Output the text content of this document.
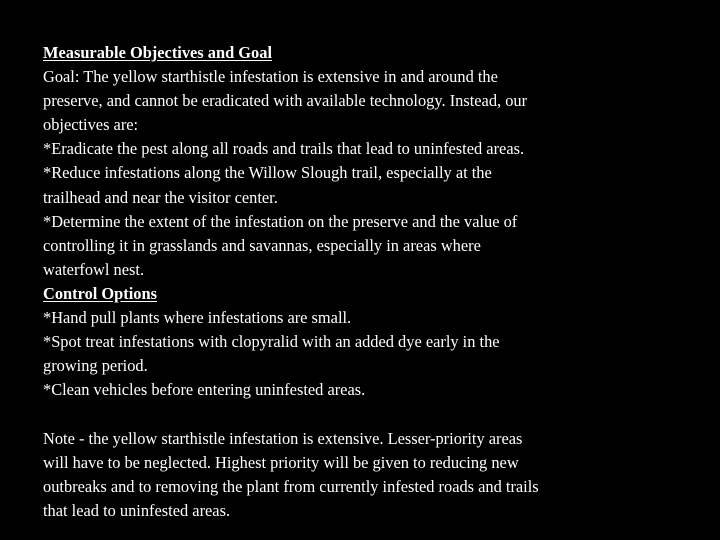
Measurable Objectives and Goal
Goal: The yellow starthistle infestation is extensive in and around the
preserve, and cannot be eradicated with available technology. Instead, our
objectives are:
*Eradicate the pest along all roads and trails that lead to uninfested areas.
*Reduce infestations along the Willow Slough trail, especially at the
trailhead and near the visitor center.
*Determine the extent of the infestation on the preserve and the value of
controlling it in grasslands and savannas, especially in areas where
waterfowl nest.
Control Options
*Hand pull plants where infestations are small.
*Spot treat infestations with clopyralid with an added dye early in the
growing period.
*Clean vehicles before entering uninfested areas.
Note - the yellow starthistle infestation is extensive. Lesser-priority areas
will have to be neglected. Highest priority will be given to reducing new
outbreaks and to removing the plant from currently infested roads and trails
that lead to uninfested areas.
